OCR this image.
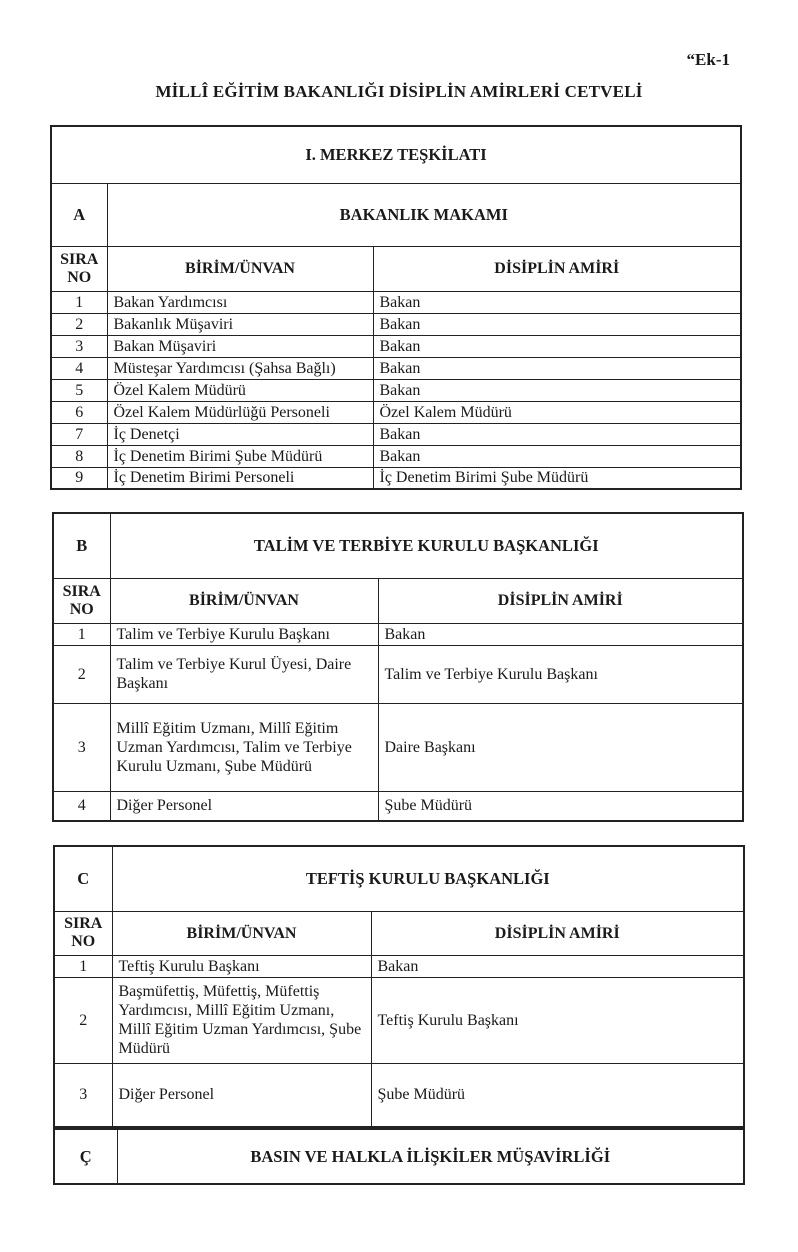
“Ek-1
MİLLÎ EĞİTİM BAKANLIĞI DİSİPLİN AMİRLERİ CETVELİ
I. MERKEZ TEŞKİLATI		
A	BAKANLIK MAKAMI	
SIRA NO	BİRİM/ÜNVAN	DİSİPLİN AMİRİ
1	Bakan Yardımcısı	Bakan
2	Bakanlık Müşaviri	Bakan
3	Bakan Müşaviri	Bakan
4	Müsteşar Yardımcısı (Şahsa Bağlı)	Bakan
5	Özel Kalem Müdürü	Bakan
6	Özel Kalem Müdürlüğü Personeli	Özel Kalem Müdürü
7	İç Denetçi	Bakan
8	İç Denetim Birimi Şube Müdürü	Bakan
9	İç Denetim Birimi Personeli	İç Denetim Birimi Şube Müdürü
B	TALİM VE TERBİYE KURULU BAŞKANLIĞI	
SIRA NO	BİRİM/ÜNVAN	DİSİPLİN AMİRİ
1	Talim ve Terbiye Kurulu Başkanı	Bakan
2	Talim ve Terbiye Kurul Üyesi, Daire Başkanı	Talim ve Terbiye Kurulu Başkanı
3	Millî Eğitim Uzmanı, Millî Eğitim Uzman Yardımcısı, Talim ve Terbiye Kurulu Uzmanı, Şube Müdürü	Daire Başkanı
4	Diğer Personel	Şube Müdürü
C	TEFTİŞ KURULU BAŞKANLIĞI	
SIRA NO	BİRİM/ÜNVAN	DİSİPLİN AMİRİ
1	Teftiş Kurulu Başkanı	Bakan
2	Başmüfettiş, Müfettiş, Müfettiş Yardımcısı, Millî Eğitim Uzmanı, Millî Eğitim Uzman Yardımcısı, Şube Müdürü	Teftiş Kurulu Başkanı
3	Diğer Personel	Şube Müdürü
Ç	BASIN VE HALKLA İLİŞKİLER MÜŞAVİRLİĞİ
